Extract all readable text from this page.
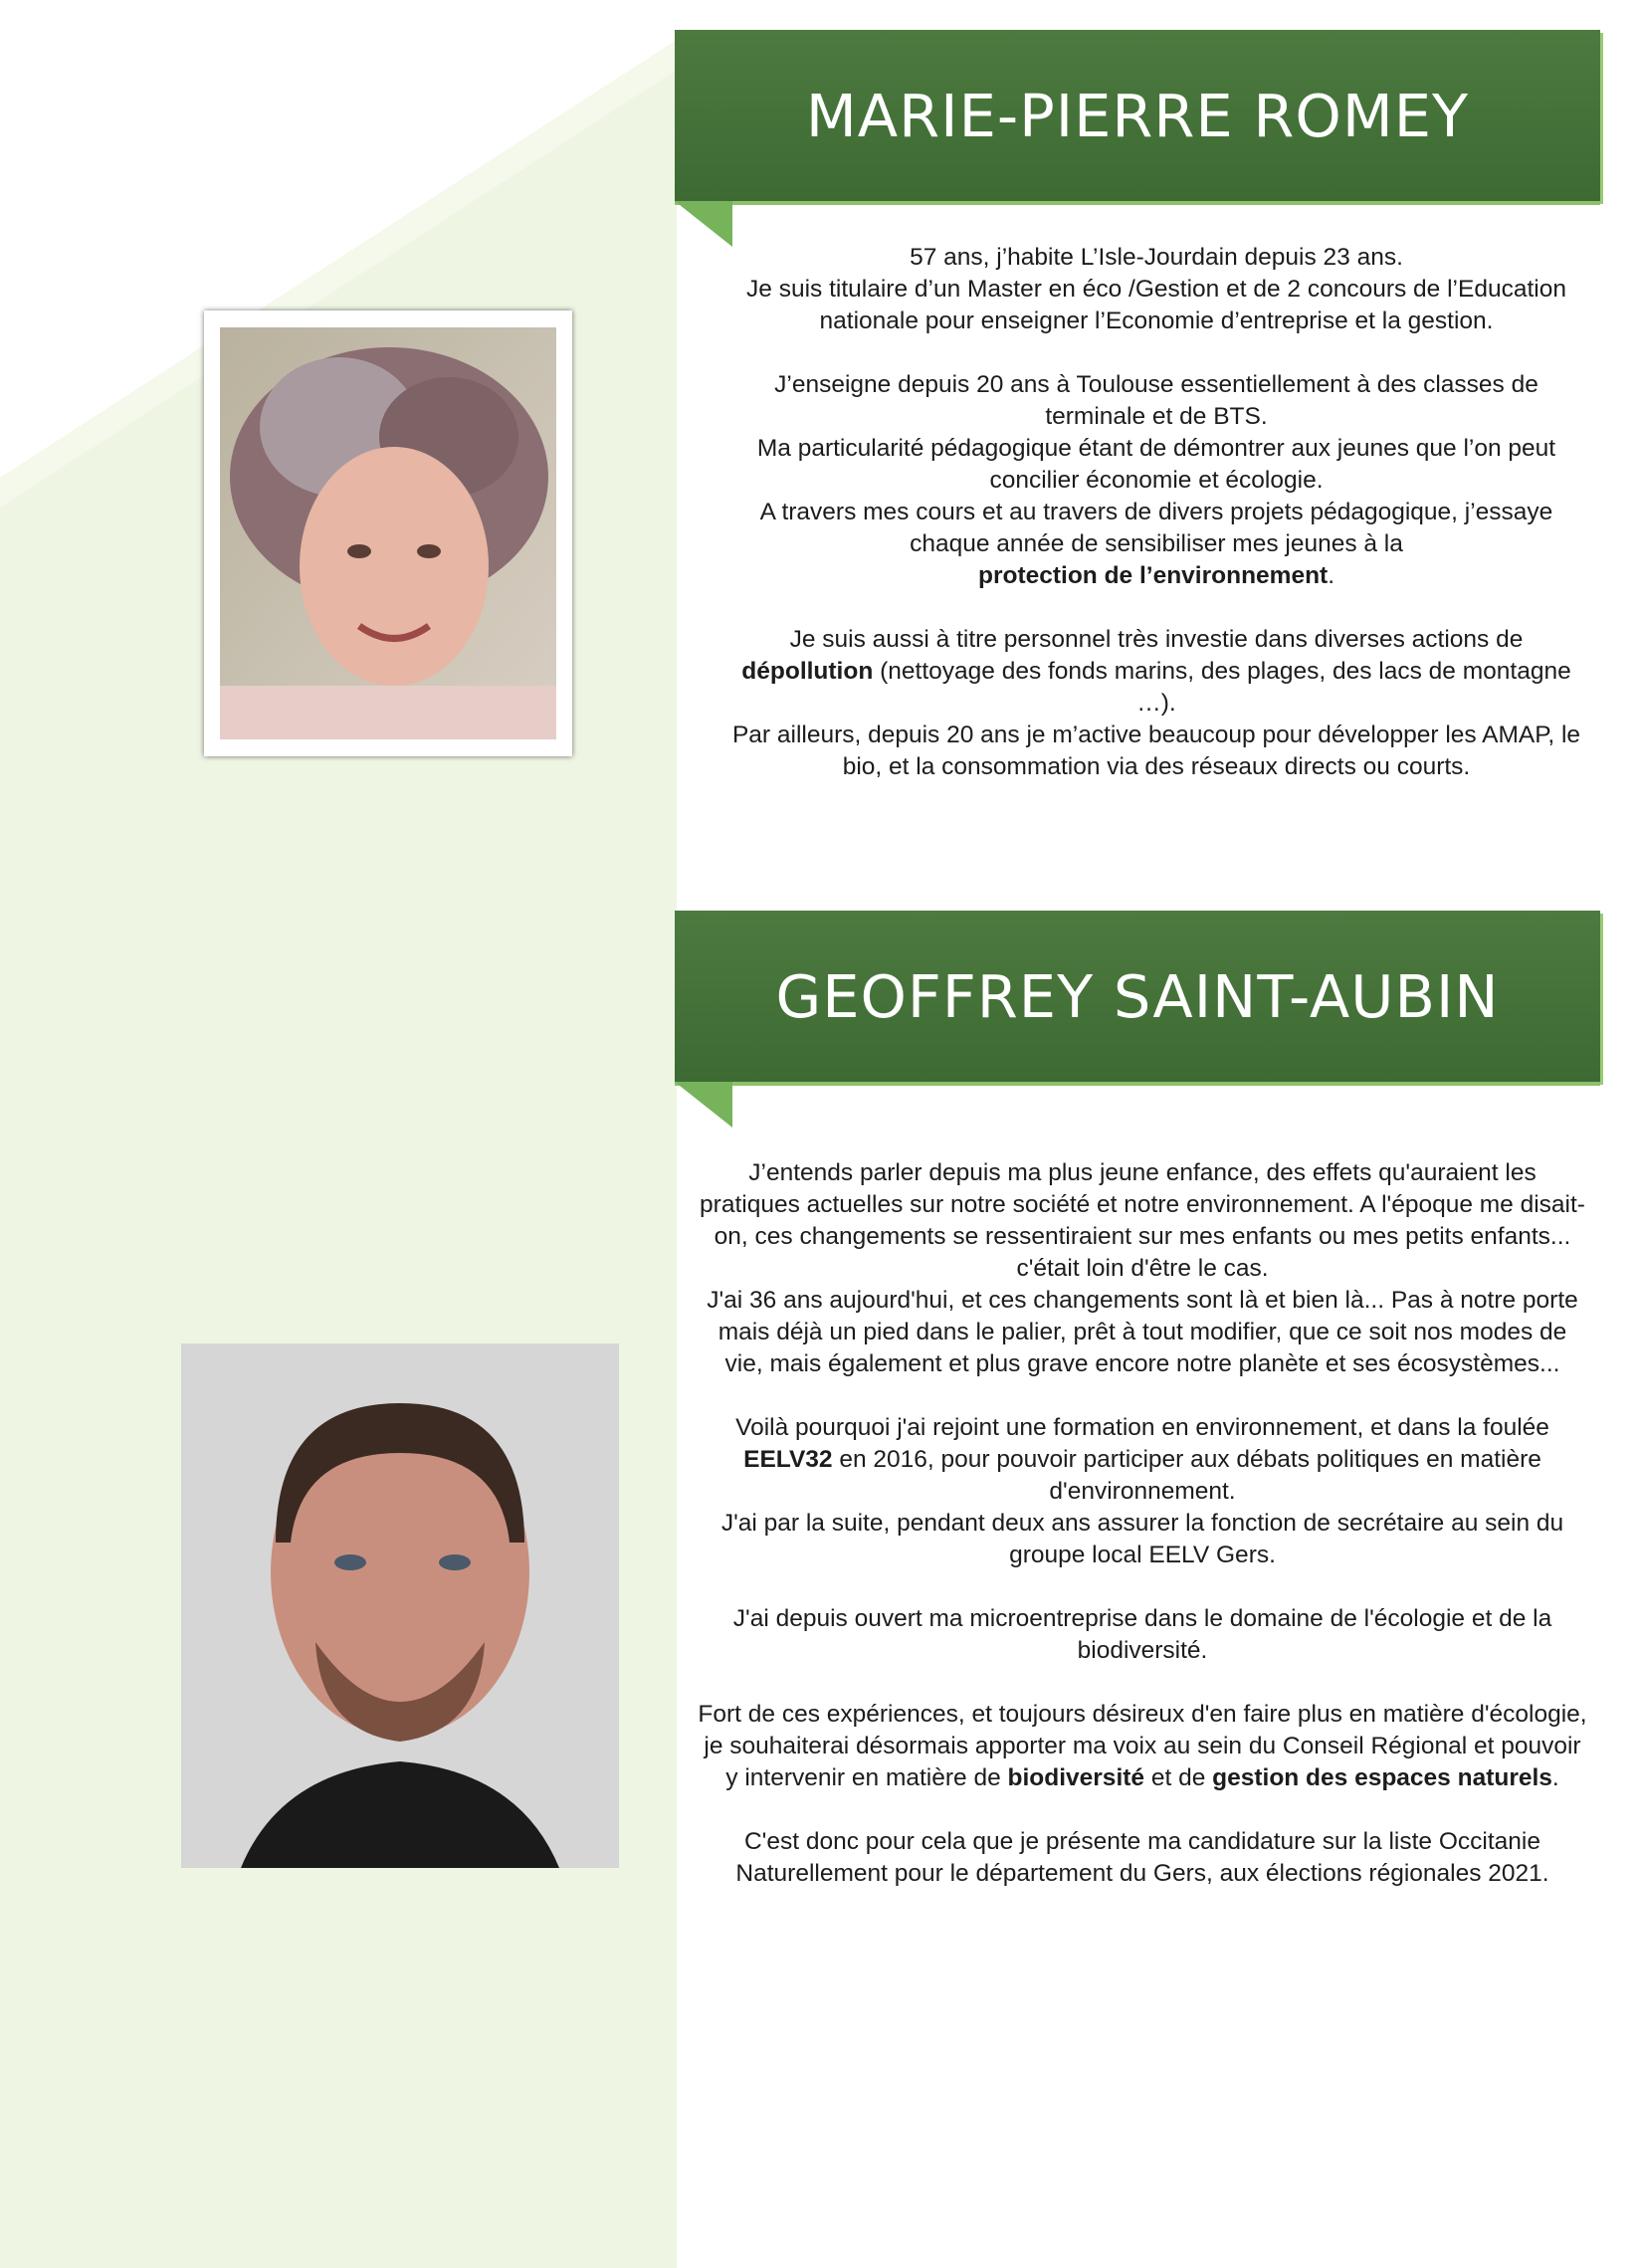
MARIE-PIERRE ROMEY

57 ans, j’habite L’Isle-Jourdain depuis 23 ans.
Je suis titulaire d’un Master en éco /Gestion et de 2 concours de l’Education nationale pour enseigner l’Economie d’entreprise et la gestion.

J’enseigne depuis 20 ans à Toulouse essentiellement à des classes de terminale et de BTS.
Ma particularité pédagogique étant de démontrer aux jeunes que l’on peut concilier économie et écologie.
A travers mes cours et au travers de divers projets pédagogique, j’essaye chaque année de sensibiliser mes jeunes à la
protection de l’environnement.

Je suis aussi à titre personnel très investie dans diverses actions de dépollution (nettoyage des fonds marins, des plages, des lacs de montagne …).
Par ailleurs, depuis 20 ans je m’active beaucoup pour développer les AMAP, le bio, et la consommation via des réseaux directs ou courts.

GEOFFREY SAINT-AUBIN

J’entends parler depuis ma plus jeune enfance, des effets qu'auraient les pratiques actuelles sur notre société et notre environnement. A l'époque me disait-on, ces changements se ressentiraient sur mes enfants ou mes petits enfants... c'était loin d'être le cas.
J'ai 36 ans aujourd'hui, et ces changements sont là et bien là... Pas à notre porte mais déjà un pied dans le palier, prêt à tout modifier, que ce soit nos modes de vie, mais également et plus grave encore notre planète et ses écosystèmes...

Voilà pourquoi j'ai rejoint une formation en environnement, et dans la foulée EELV32 en 2016, pour pouvoir participer aux débats politiques en matière d'environnement.
J'ai par la suite, pendant deux ans assurer la fonction de secrétaire au sein du groupe local EELV Gers.

J'ai depuis ouvert ma microentreprise dans le domaine de l'écologie et de la biodiversité.

Fort de ces expériences, et toujours désireux d'en faire plus en matière d'écologie, je souhaiterai désormais apporter ma voix au sein du Conseil Régional et pouvoir y intervenir en matière de biodiversité et de gestion des espaces naturels.

C'est donc pour cela que je présente ma candidature sur la liste Occitanie Naturellement pour le département du Gers, aux élections régionales 2021.
